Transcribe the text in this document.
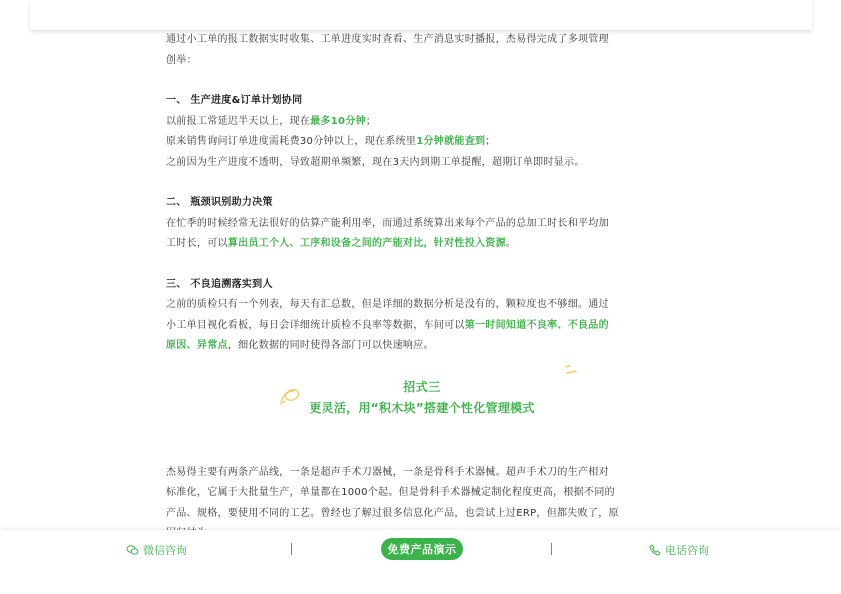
通过小工单的报工数据实时收集、工单进度实时查看、生产消息实时播报，杰易得完成了多项管理

创举：

一、 生产进度&订单计划协同

以前报工常延迟半天以上，现在最多10分钟；

原来销售询问订单进度需耗费30分钟以上，现在系统里1分钟就能查到；

之前因为生产进度不透明，导致超期单频繁，现在3天内到期工单提醒，超期订单即时显示。

二、 瓶颈识别助力决策

在忙季的时候经常无法很好的估算产能利用率，而通过系统算出来每个产品的总加工时长和平均加

工时长，可以算出员工个人、工序和设备之间的产能对比，针对性投入资源。

三、 不良追溯落实到人

之前的质检只有一个列表，每天有汇总数，但是详细的数据分析是没有的，颗粒度也不够细。通过

小工单目视化看板，每日会详细统计质检不良率等数据，车间可以第一时间知道不良率、不良品的

原因、异常点，细化数据的同时使得各部门可以快速响应。

招式三
更灵活，用“积木块”搭建个性化管理模式

杰易得主要有两条产品线，一条是超声手术刀器械，一条是骨科手术器械。超声手术刀的生产相对

标准化，它属于大批量生产，单量都在1000个起。但是骨科手术器械定制化程度更高，根据不同的

产品、规格，要使用不同的工艺。曾经也了解过很多信息化产品，也尝试上过ERP，但都失败了，原

微信咨询	免费产品演示	电话咨询
